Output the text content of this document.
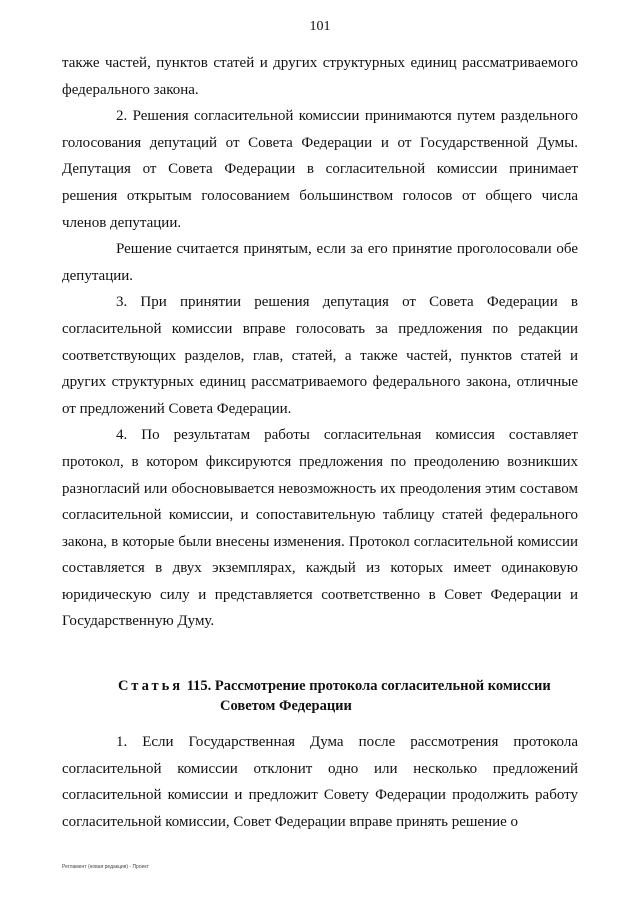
101

также частей, пунктов статей и других структурных единиц рассматриваемого федерального закона.

2. Решения согласительной комиссии принимаются путем раздельного голосования депутаций от Совета Федерации и от Государственной Думы. Депутация от Совета Федерации в согласительной комиссии принимает решения открытым голосованием большинством голосов от общего числа членов депутации.

Решение считается принятым, если за его принятие проголосовали обе депутации.

3. При принятии решения депутация от Совета Федерации в согласительной комиссии вправе голосовать за предложения по редакции соответствующих разделов, глав, статей, а также частей, пунктов статей и других структурных единиц рассматриваемого федерального закона, отличные от предложений Совета Федерации.

4. По результатам работы согласительная комиссия составляет протокол, в котором фиксируются предложения по преодолению возникших разногласий или обосновывается невозможность их преодоления этим составом согласительной комиссии, и сопоставительную таблицу статей федерального закона, в которые были внесены изменения. Протокол согласительной комиссии составляется в двух экземплярах, каждый из которых имеет одинаковую юридическую силу и представляется соответственно в Совет Федерации и Государственную Думу.

Статья 115. Рассмотрение протокола согласительной комиссии
Советом Федерации

1. Если Государственная Дума после рассмотрения протокола согласительной комиссии отклонит одно или несколько предложений согласительной комиссии и предложит Совету Федерации продолжить работу согласительной комиссии, Совет Федерации вправе принять решение о

Регламент (новая редакция) - Проект
